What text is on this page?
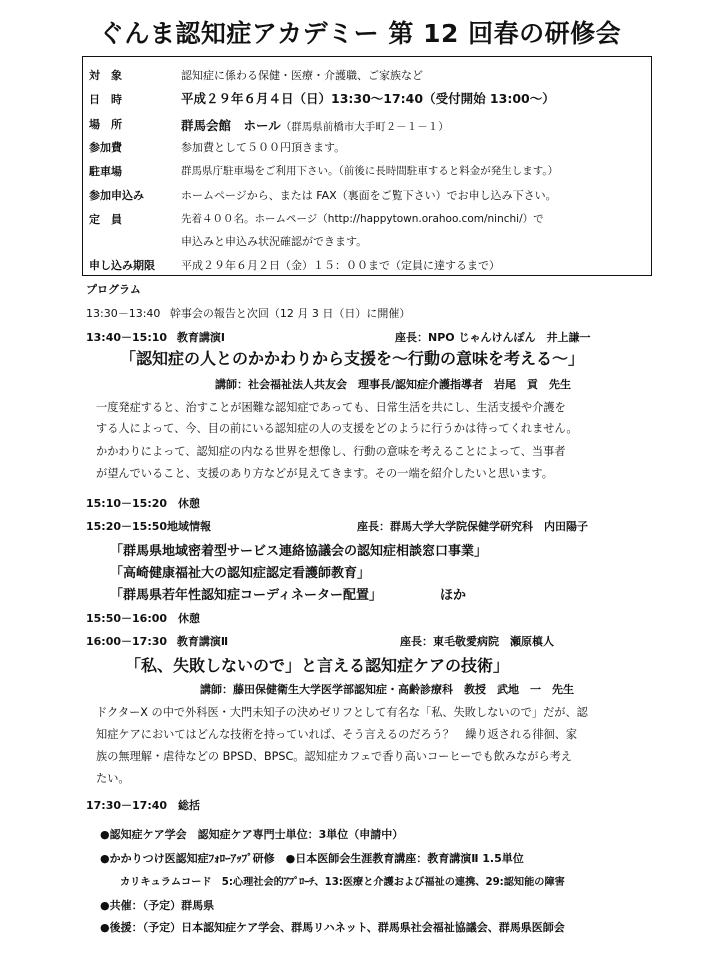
ぐんま認知症アカデミー 第 12 回春の研修会
対　象	認知症に係わる保健・医療・介護職、ご家族など
日　時	平成２９年６月４日（日）13:30～17:40（受付開始 13:00～）
場　所	群馬会館　ホール（群馬県前橋市大手町２－１－１）
参加費	参加費として５００円頂きます。
駐車場	群馬県庁駐車場をご利用下さい。（前後に長時間駐車すると料金が発生します。）
参加申込み	ホームページから、または FAX（裏面をご覧下さい）でお申し込み下さい。
定　員	先着４００名。ホームページ（http://happytown.orahoo.com/ninchi/）で
申込みと申込み状況確認ができます。
申し込み期限	平成２９年６月２日（金）１５：００まで（定員に達するまで）
プログラム
13:30－13:40 幹事会の報告と次回（12 月 3 日（日）に開催）
13:40－15:10 教育講演Ⅰ	座長：NPO じゃんけんぽん　井上謙一
「認知症の人とのかかわりから支援を～行動の意味を考える～」
講師：社会福祉法人共友会　理事長/認知症介護指導者　岩尾　貢　先生
一度発症すると、治すことが困難な認知症であっても、日常生活を共にし、生活支援や介護を
する人によって、今、目の前にいる認知症の人の支援をどのように行うかは待ってくれません。
かかわりによって、認知症の内なる世界を想像し、行動の意味を考えることによって、当事者
が望んでいること、支援のあり方などが見えてきます。その一端を紹介したいと思います。
15:10－15:20　休憩
15:20－15:50地域情報	座長：群馬大学大学院保健学研究科　内田陽子
「群馬県地域密着型サービス連絡協議会の認知症相談窓口事業」
「高崎健康福祉大の認知症認定看護師教育」
「群馬県若年性認知症コーディネーター配置」	ほか
15:50－16:00　休憩
16:00－17:30 教育講演Ⅱ	座長：東毛敬愛病院　瀬原槙人
「私、失敗しないので」と言える認知症ケアの技術」
講師：藤田保健衛生大学医学部認知症・高齢診療科　教授　武地　一　先生
ドクターX の中で外科医・大門未知子の決めゼリフとして有名な「私、失敗しないので」だが、認
知症ケアにおいてはどんな技術を持っていれば、そう言えるのだろう？　繰り返される徘徊、家
族の無理解・虐待などの BPSD、BPSC。認知症カフェで香り高いコーヒーでも飲みながら考え
たい。
17:30－17:40　総括
●認知症ケア学会　認知症ケア専門士単位：3単位（申請中）
●かかりつけ医認知症ﾌｫﾛｰｱｯﾌﾟ研修　●日本医師会生涯教育講座：教育講演Ⅱ 1.5単位
カリキュラムコード　5:心理社会的ｱﾌﾟﾛｰﾁ、13:医療と介護および福祉の連携、29:認知能の障害
●共催：（予定）群馬県
●後援：（予定）日本認知症ケア学会、群馬リハネット、群馬県社会福祉協議会、群馬県医師会
